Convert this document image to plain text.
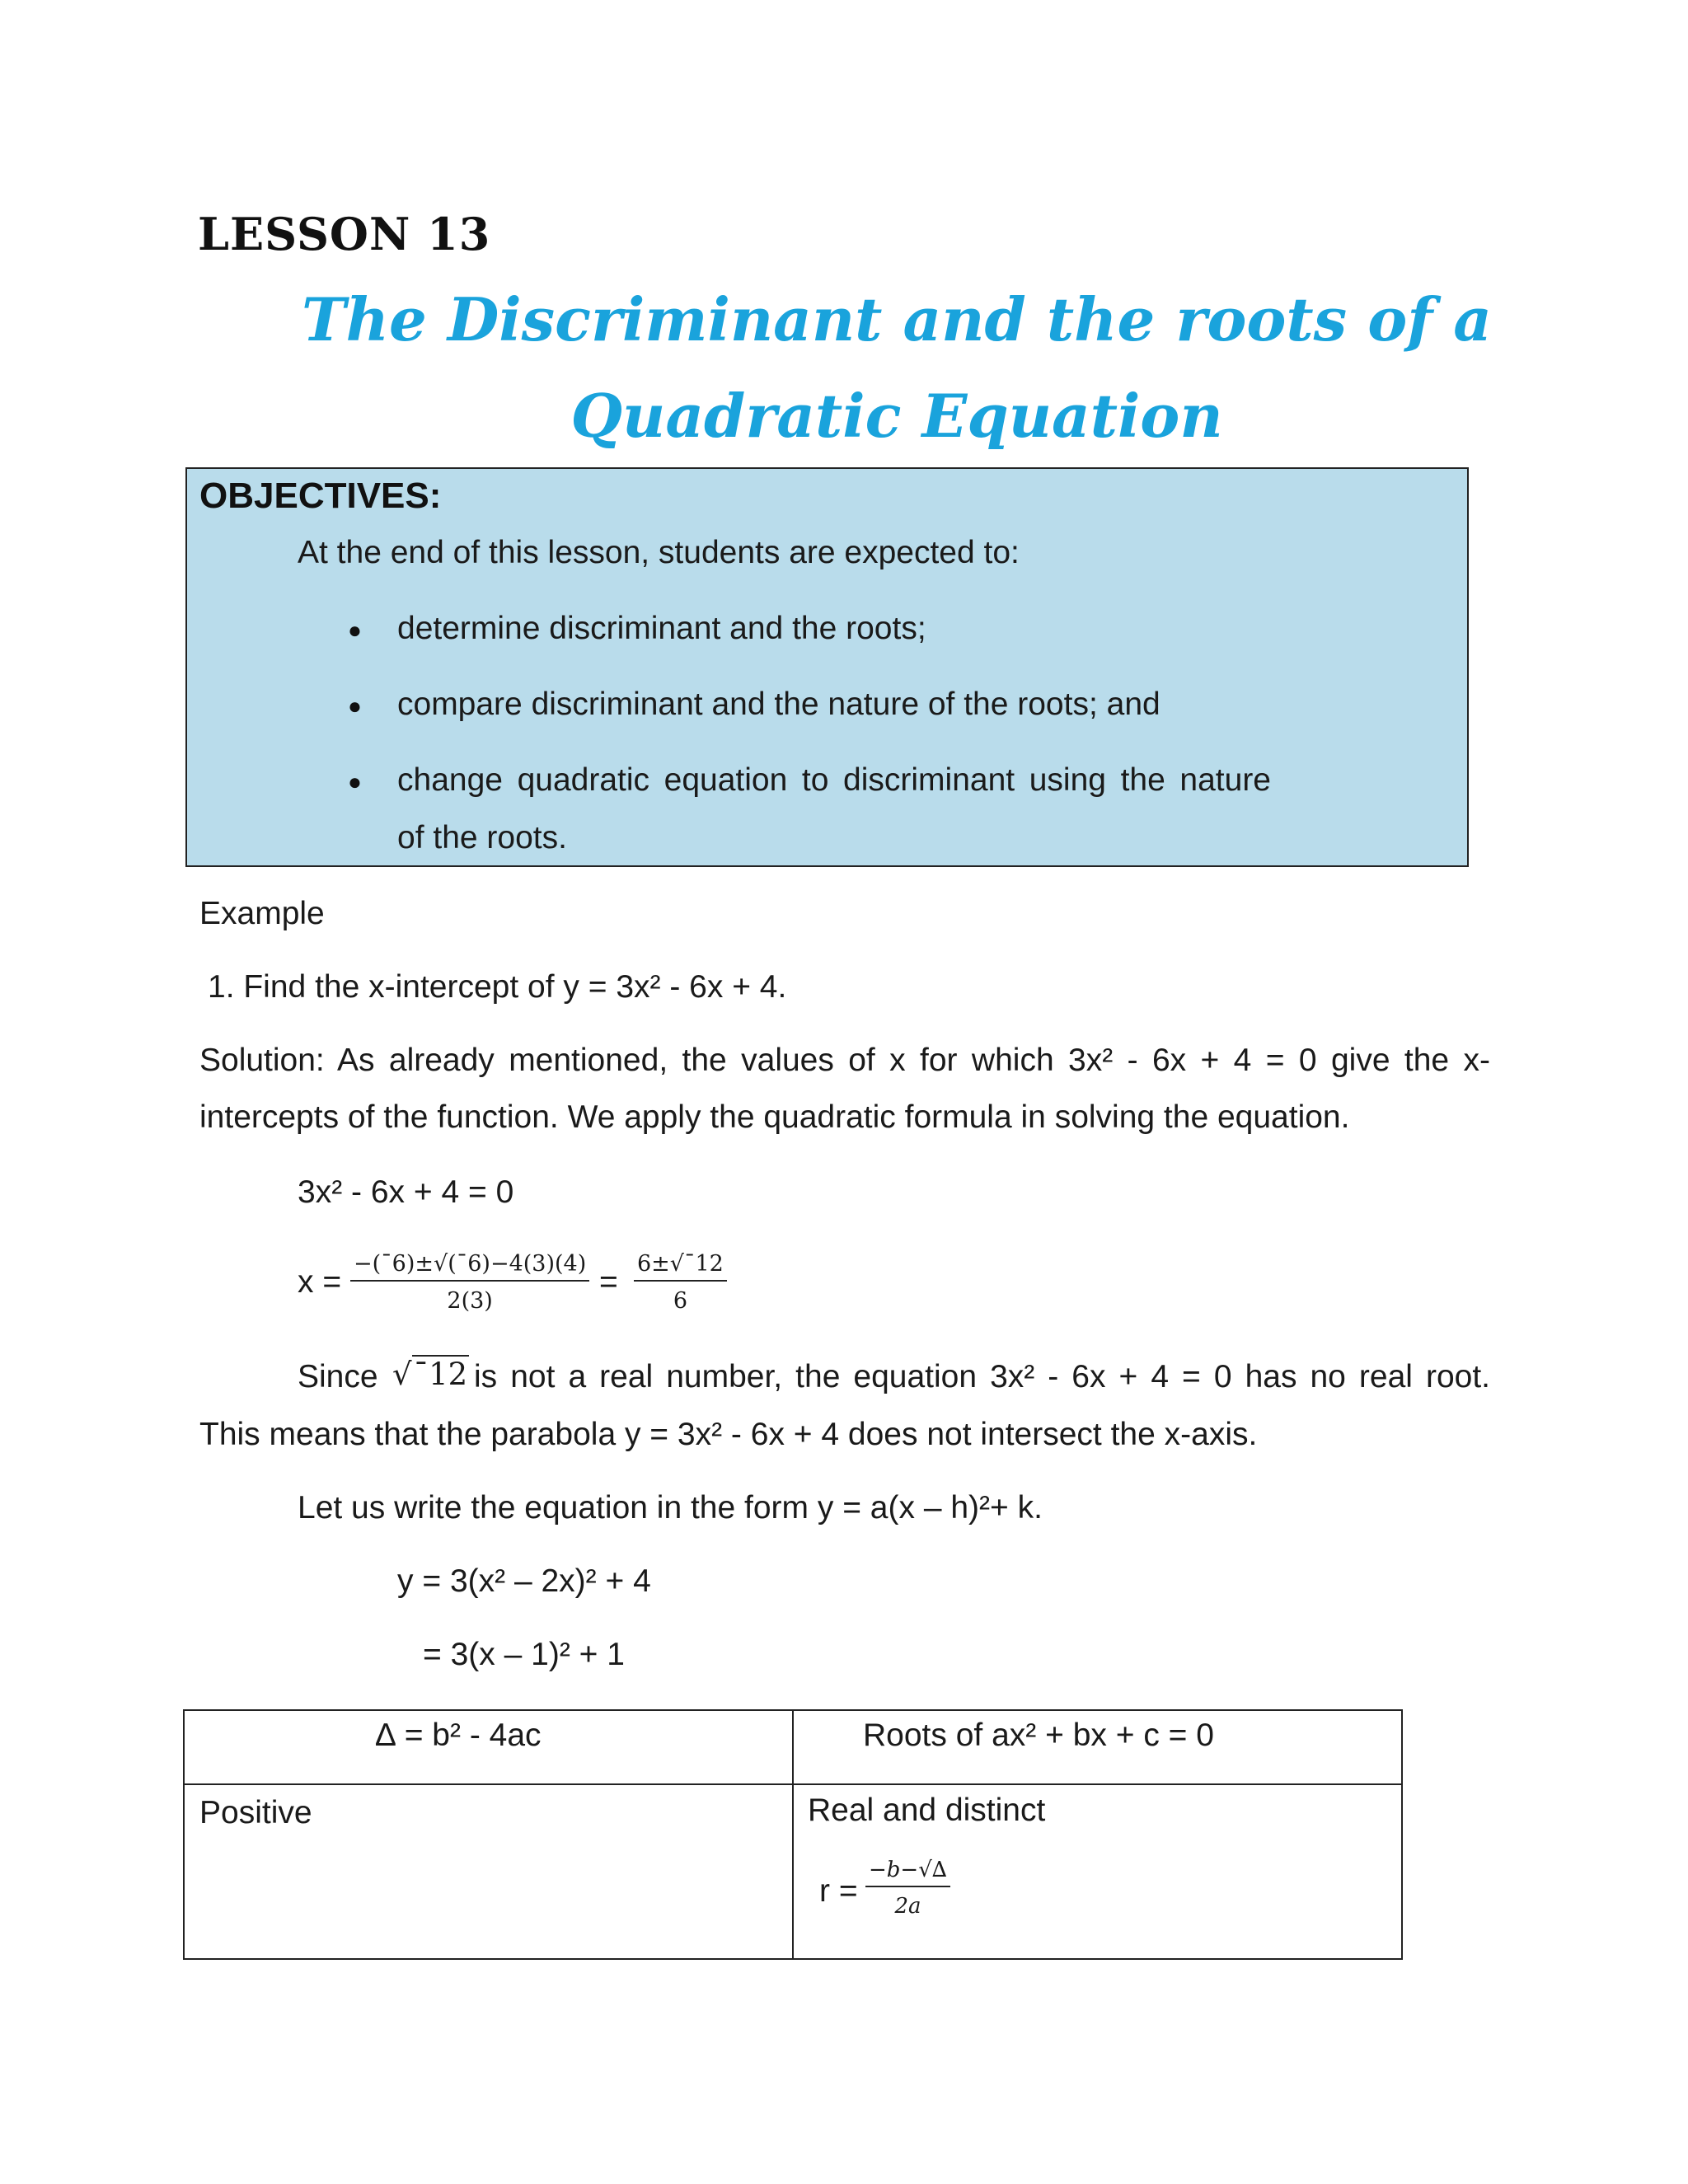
LESSON 13
The Discriminant and the roots of a
Quadratic Equation
OBJECTIVES:
At the end of this lesson, students are expected to:
● determine discriminant and the roots;
● compare discriminant and the nature of the roots; and
● change quadratic equation to discriminant using the nature
of the roots.
Example
1. Find the x-intercept of y = 3x² - 6x + 4.
Solution: As already mentioned, the values of x for which 3x² - 6x + 4 = 0 give the x-
intercepts of the function. We apply the quadratic formula in solving the equation.
3x² - 6x + 4 = 0
$x = \frac{-(¯6)\pm√(¯6)-4(3)(4)}{2(3)} = \frac{6\pm√¯12}{6}$
Since √¯12 is not a real number, the equation 3x² - 6x + 4 = 0 has no real root.
This means that the parabola y = 3x² - 6x + 4 does not intersect the x-axis.
Let us write the equation in the form y = a(x – h)²+ k.
y = 3(x² – 2x)² + 4
= 3(x – 1)² + 1
∆ = b² - 4ac	Roots of ax² + bx + c = 0

Positive	Real and distinct
$r = \frac{-b-√\Delta}{2a}$
